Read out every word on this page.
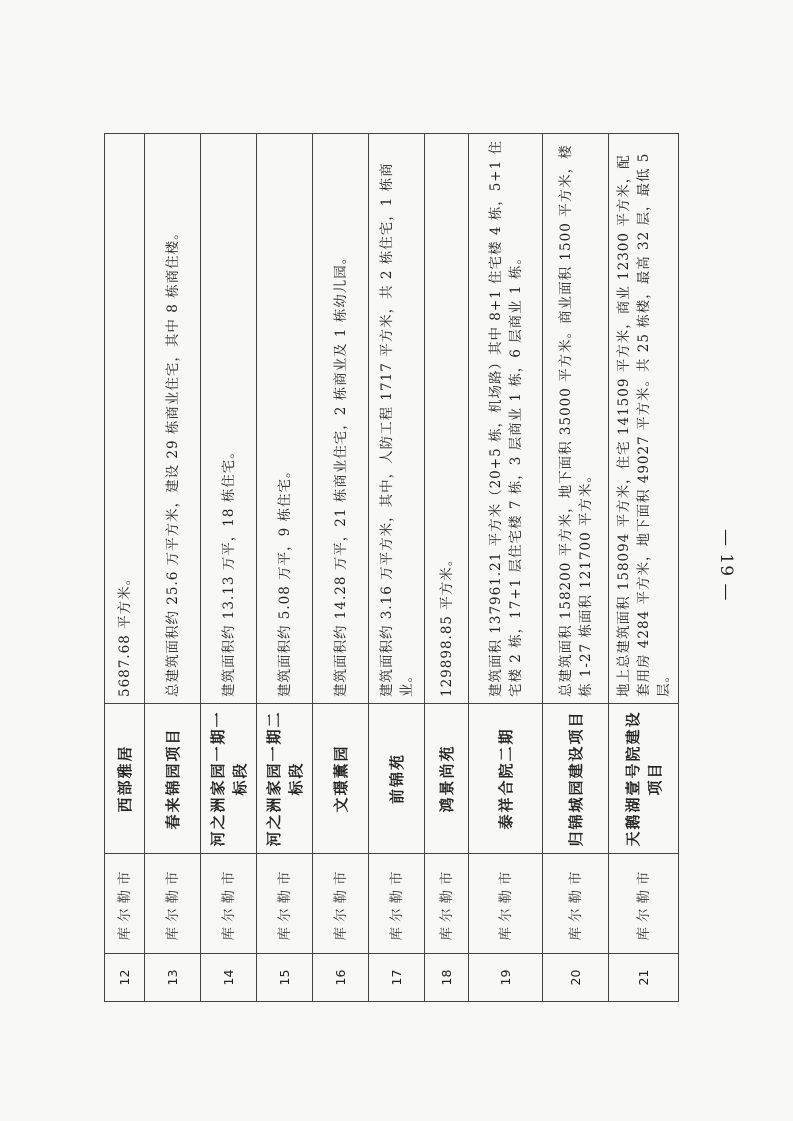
12	库尔勒市	西部雅居	5687.68 平方米。
13	库尔勒市	春来锦园项目	总建筑面积约 25.6 万平方米，建设 29 栋商业住宅，其中 8 栋商住楼。
14	库尔勒市	河之洲家园一期一标段	建筑面积约 13.13 万平，18 栋住宅。
15	库尔勒市	河之洲家园一期二标段	建筑面积约 5.08 万平，9 栋住宅。
16	库尔勒市	文璟薰园	建筑面积约 14.28 万平，21 栋商业住宅，2 栋商业及 1 栋幼儿园。
17	库尔勒市	前锦苑	建筑面积约 3.16 万平方米，其中，人防工程 1717 平方米，共 2 栋住宅，1 栋商业。
18	库尔勒市	鸿景尚苑	129898.85 平方米。
19	库尔勒市	泰祥合院二期	建筑面积 137961.21 平方米（20+5 栋，机场路）其中 8+1 住宅楼 4 栋，5+1 住宅楼 2 栋，17+1 层住宅楼 7 栋，3 层商业 1 栋，6 层商业 1 栋。
20	库尔勒市	归锦城园建设项目	总建筑面积 158200 平方米，地下面积 35000 平方米。商业面积 1500 平方米，楼栋 1-27 栋面积 121700 平方米。
21	库尔勒市	天鹅湖壹号院建设项目	地上总建筑面积 158094 平方米，住宅 141509 平方米，商业 12300 平方米，配套用房 4284 平方米，地下面积 49027 平方米。共 25 栋楼，最高 32 层，最低 5 层。
— 19 —
